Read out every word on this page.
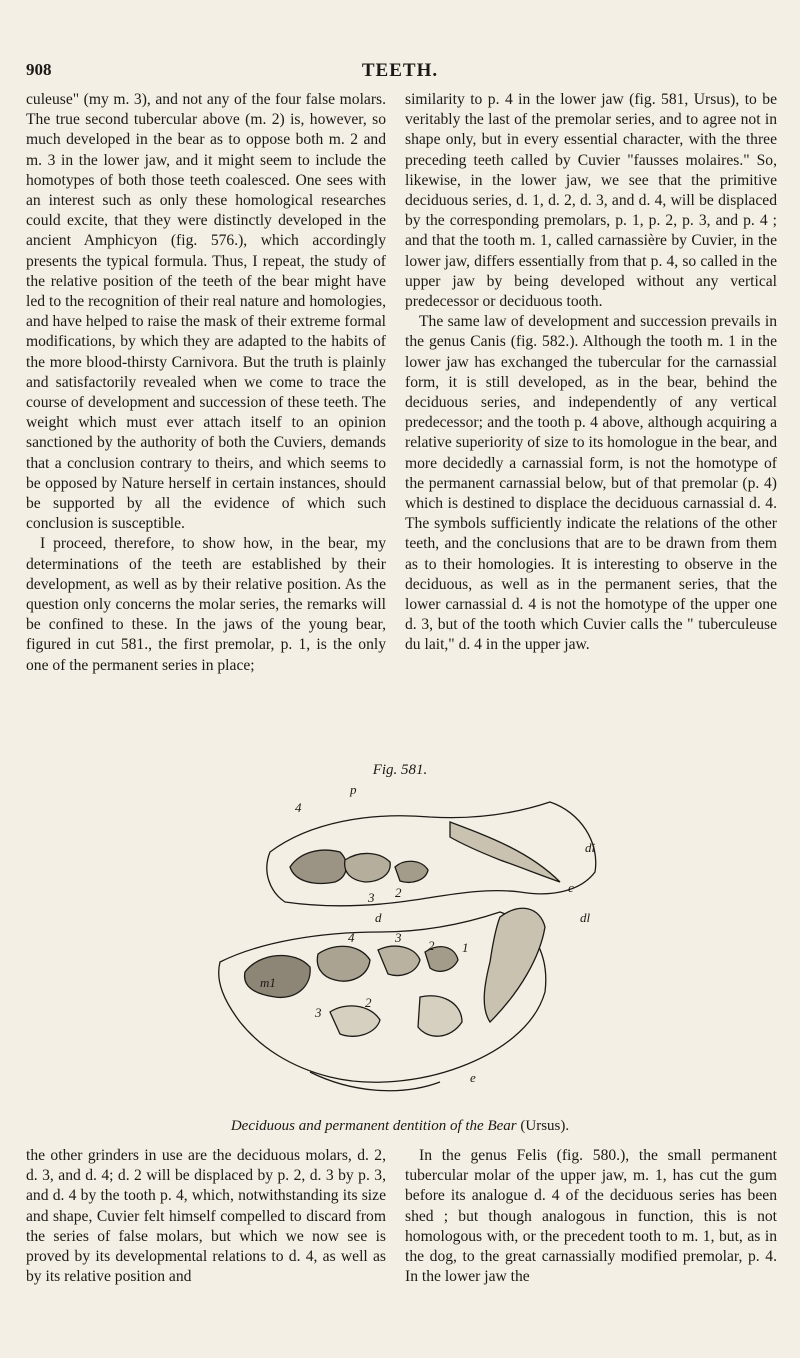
908	TEETH.

culeuse" (my m. 3), and not any of the four false molars. The true second tubercular above (m. 2) is, however, so much developed in the bear as to oppose both m. 2 and m. 3 in the lower jaw, and it might seem to include the homotypes of both those teeth coalesced. One sees with an interest such as only these homological researches could excite, that they were distinctly developed in the ancient Amphicyon (fig. 576.), which accordingly presents the typical formula. Thus, I repeat, the study of the relative position of the teeth of the bear might have led to the recognition of their real nature and homologies, and have helped to raise the mask of their extreme formal modifications, by which they are adapted to the habits of the more blood-thirsty Carnivora. But the truth is plainly and satisfactorily revealed when we come to trace the course of development and succession of these teeth. The weight which must ever attach itself to an opinion sanctioned by the authority of both the Cuviers, demands that a conclusion contrary to theirs, and which seems to be opposed by Nature herself in certain instances, should be supported by all the evidence of which such conclusion is susceptible.

I proceed, therefore, to show how, in the bear, my determinations of the teeth are established by their development, as well as by their relative position. As the question only concerns the molar series, the remarks will be confined to these. In the jaws of the young bear, figured in cut 581., the first premolar, p. 1, is the only one of the permanent series in place;

similarity to p. 4 in the lower jaw (fig. 581, Ursus), to be veritably the last of the premolar series, and to agree not in shape only, but in every essential character, with the three preceding teeth called by Cuvier "fausses molaires." So, likewise, in the lower jaw, we see that the primitive deciduous series, d. 1, d. 2, d. 3, and d. 4, will be displaced by the corresponding premolars, p. 1, p. 2, p. 3, and p. 4 ; and that the tooth m. 1, called carnassière by Cuvier, in the lower jaw, differs essentially from that p. 4, so called in the upper jaw by being developed without any vertical predecessor or deciduous tooth.

The same law of development and succession prevails in the genus Canis (fig. 582.). Although the tooth m. 1 in the lower jaw has exchanged the tubercular for the carnassial form, it is still developed, as in the bear, behind the deciduous series, and independently of any vertical predecessor; and the tooth p. 4 above, although acquiring a relative superiority of size to its homologue in the bear, and more decidedly a carnassial form, is not the homotype of the permanent carnassial below, but of that premolar (p. 4) which is destined to displace the deciduous carnassial d. 4. The symbols sufficiently indicate the relations of the other teeth, and the conclusions that are to be drawn from them as to their homologies. It is interesting to observe in the deciduous, as well as in the permanent series, that the lower carnassial d. 4 is not the homotype of the upper one d. 3, but of the tooth which Cuvier calls the " tuberculeuse du lait," d. 4 in the upper jaw.

Fig. 581.
p
4
di
3 2	c
d	dl
4	3
2 1
m1
3
2
e
Deciduous and permanent dentition of the Bear (Ursus).

the other grinders in use are the deciduous molars, d. 2, d. 3, and d. 4; d. 2 will be displaced by p. 2, d. 3 by p. 3, and d. 4 by the tooth p. 4, which, notwithstanding its size and shape, Cuvier felt himself compelled to discard from the series of false molars, but which we now see is proved by its developmental relations to d. 4, as well as by its relative position and

In the genus Felis (fig. 580.), the small permanent tubercular molar of the upper jaw, m. 1, has cut the gum before its analogue d. 4 of the deciduous series has been shed ; but though analogous in function, this is not homologous with, or the precedent tooth to m. 1, but, as in the dog, to the great carnassially modified premolar, p. 4. In the lower jaw the
